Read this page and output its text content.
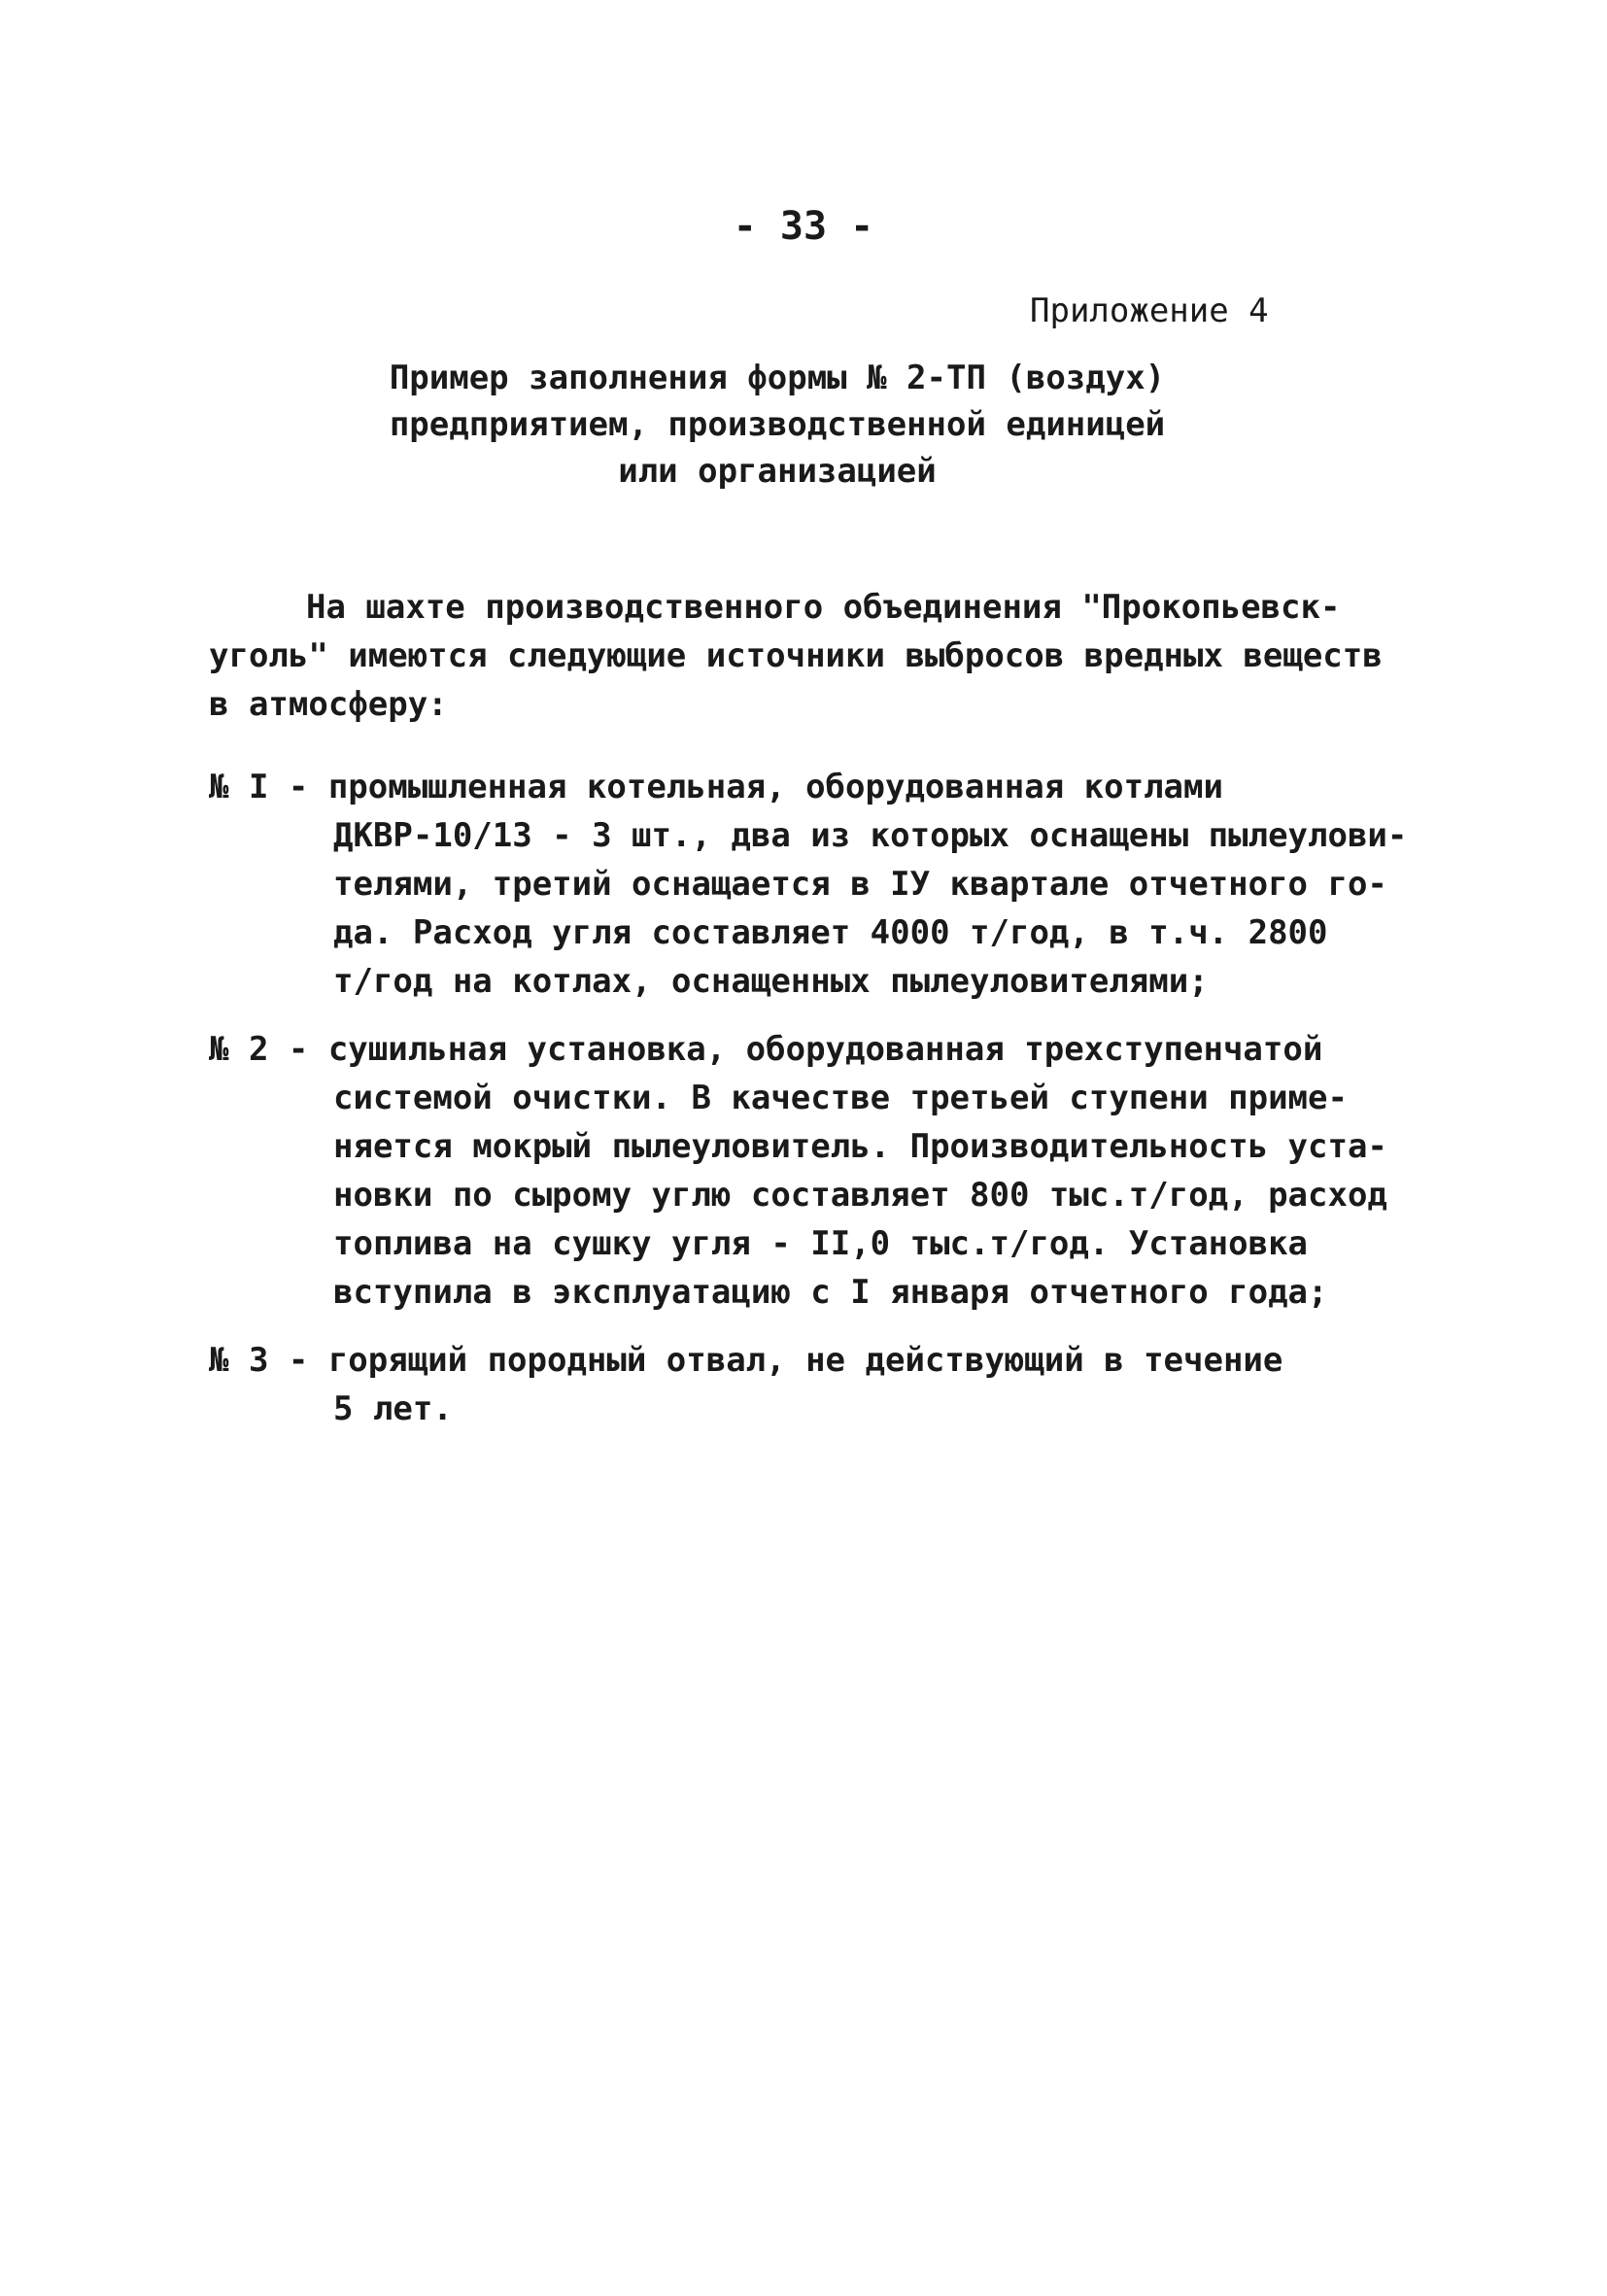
- 33 -
Приложение 4
Пример заполнения формы № 2-ТП (воздух)
предприятием, производственной единицей
или организацией
На шахте производственного объединения "Прокопьевск-
уголь" имеются следующие источники выбросов вредных веществ
в атмосферу:
№ I - промышленная котельная, оборудованная котлами
ДКВР-10/13 - 3 шт., два из которых оснащены пылеулови-
телями, третий оснащается в IУ квартале отчетного го-
да. Расход угля составляет 4000 т/год, в т.ч. 2800
т/год на котлах, оснащенных пылеуловителями;
№ 2 - сушильная установка, оборудованная трехступенчатой
системой очистки. В качестве третьей ступени приме-
няется мокрый пылеуловитель. Производительность уста-
новки по сырому углю составляет 800 тыс.т/год, расход
топлива на сушку угля - II,0 тыс.т/год. Установка
вступила в эксплуатацию с I января отчетного года;
№ 3 - горящий породный отвал, не действующий в течение
5 лет.
